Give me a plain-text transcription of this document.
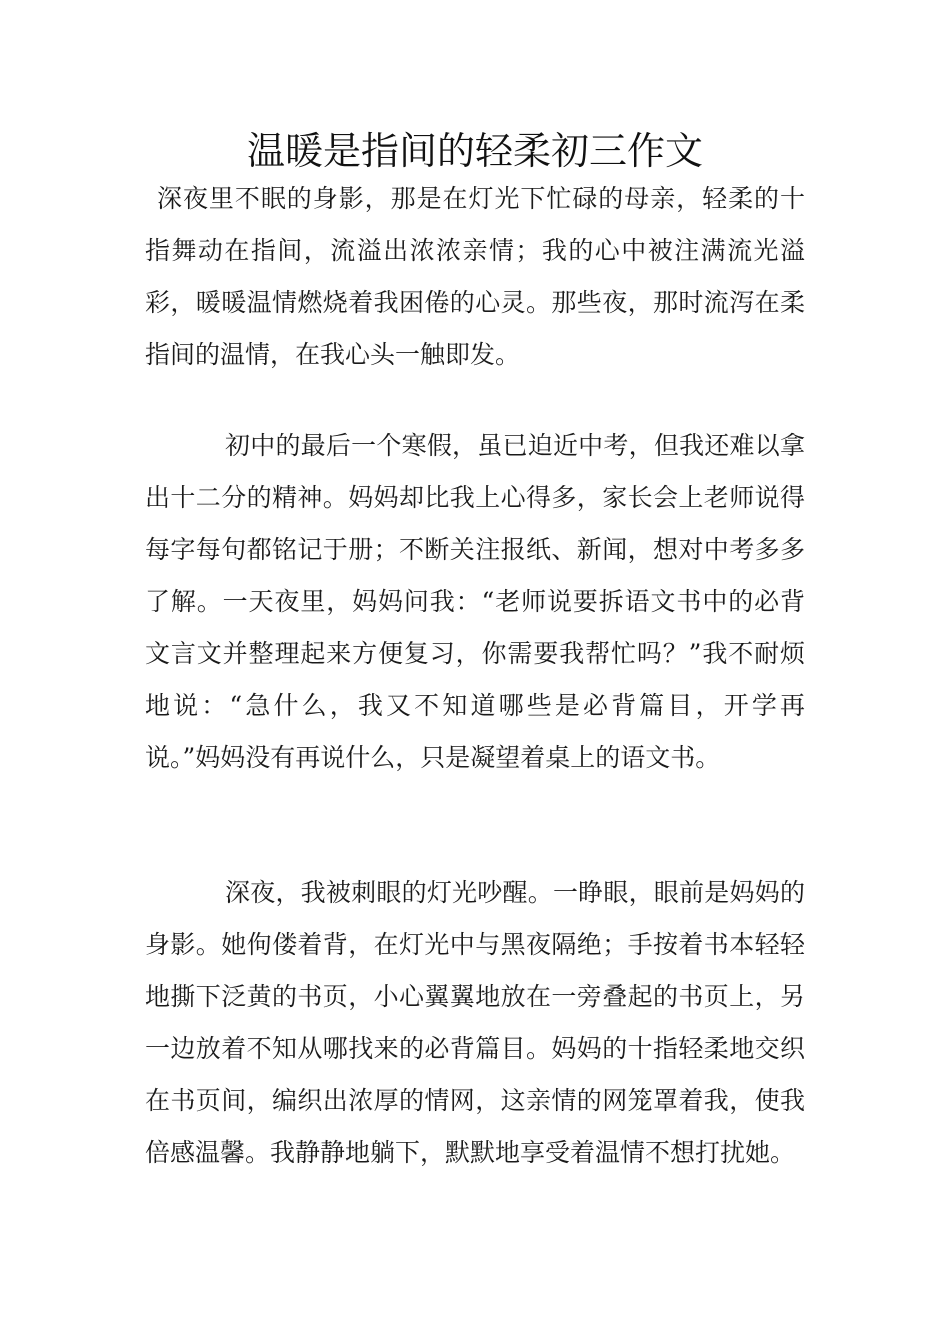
温暖是指间的轻柔初三作文

深夜里不眠的身影，那是在灯光下忙碌的母亲，轻柔的十指舞动在指间，流溢出浓浓亲情；我的心中被注满流光溢彩，暖暖温情燃烧着我困倦的心灵。那些夜，那时流泻在柔指间的温情，在我心头一触即发。

初中的最后一个寒假，虽已迫近中考，但我还难以拿出十二分的精神。妈妈却比我上心得多，家长会上老师说得每字每句都铭记于册；不断关注报纸、新闻，想对中考多多了解。一天夜里，妈妈问我：“老师说要拆语文书中的必背文言文并整理起来方便复习，你需要我帮忙吗？”我不耐烦地说：“急什么，我又不知道哪些是必背篇目，开学再说。”妈妈没有再说什么，只是凝望着桌上的语文书。

深夜，我被刺眼的灯光吵醒。一睁眼，眼前是妈妈的身影。她佝偻着背，在灯光中与黑夜隔绝；手按着书本轻轻地撕下泛黄的书页，小心翼翼地放在一旁叠起的书页上，另一边放着不知从哪找来的必背篇目。妈妈的十指轻柔地交织在书页间，编织出浓厚的情网，这亲情的网笼罩着我，使我倍感温馨。我静静地躺下，默默地享受着温情不想打扰她。
